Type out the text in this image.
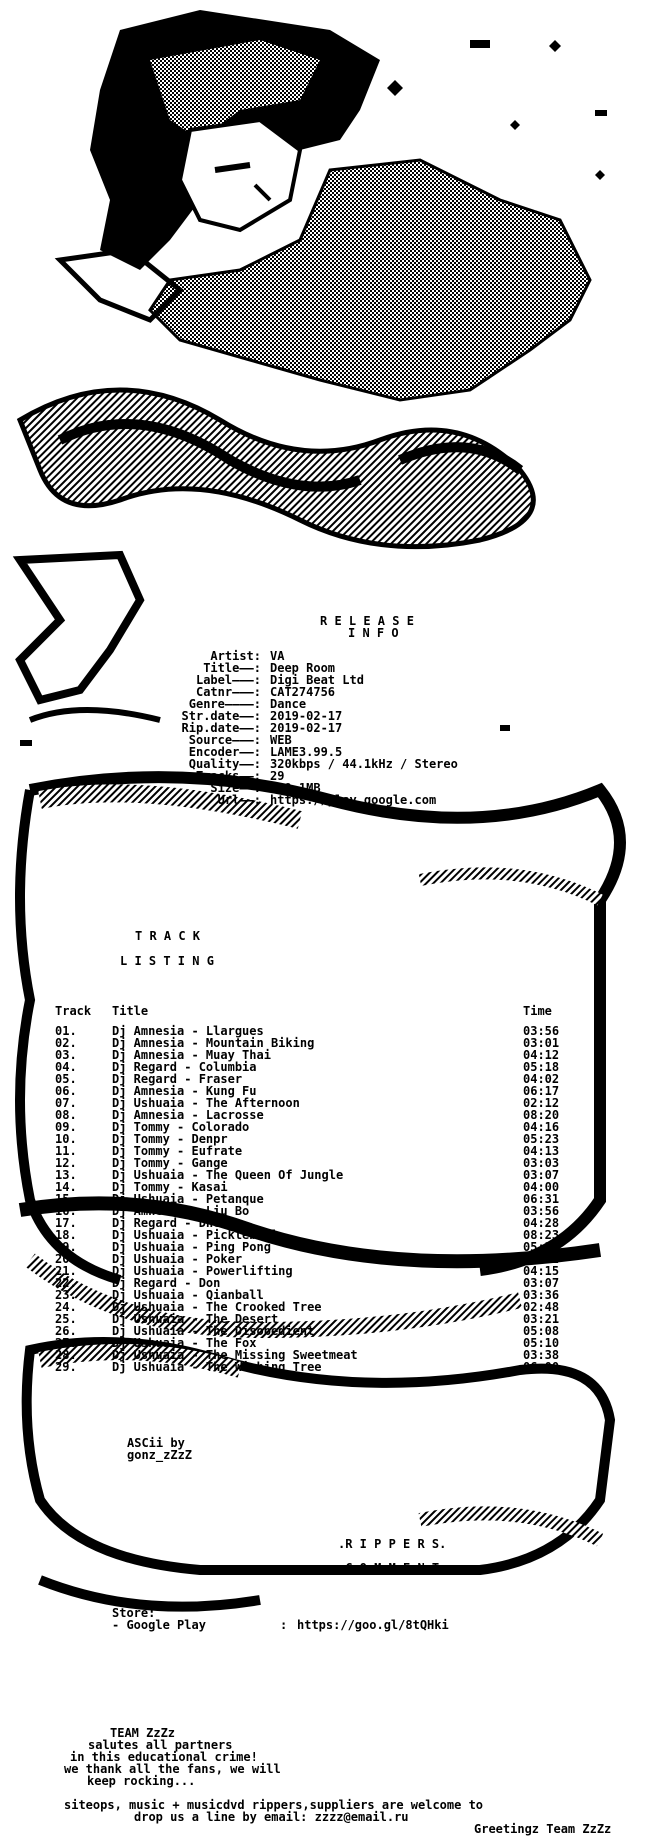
R E L E A S E
I N F O
Artist: VA
Title——: Deep Room
Label———: Digi Beat Ltd
Catnr———: CAT274756
Genre————: Dance
Str.date——: 2019-02-17
Rip.date——: 2019-02-17
Source———: WEB
Encoder——: LAME3.99.5
Quality——: 320kbps / 44.1kHz / Stereo
Tracks——: 29
Size——: 299.1MB
Url——: https://play.google.com
T R A C K
L I S T I N G
Track Title	Time
01.	Dj Amnesia - Llargues	03:56
02.	Dj Amnesia - Mountain Biking	03:01
03.	Dj Amnesia - Muay Thai	04:12
04.	Dj Regard - Columbia	05:18
05.	Dj Regard - Fraser	04:02
06.	Dj Amnesia - Kung Fu	06:17
07.	Dj Ushuaia - The Afternoon	02:12
08.	Dj Amnesia - Lacrosse	08:20
09.	Dj Tommy - Colorado	04:16
10.	Dj Tommy - Denpr	05:23
11.	Dj Tommy - Eufrate	04:13
12.	Dj Tommy - Gange	03:03
13.	Dj Ushuaia - The Queen Of Jungle	03:07
14.	Dj Tommy - Kasai	04:00
15.	Dj Ushuaia - Petanque	06:31
16.	Dj Amnesia - Liu Bo	03:56
17.	Dj Regard - Dnestr	04:28
18.	Dj Ushuaia - Pickleball	08:23
19.	Dj Ushuaia - Ping Pong	05:23
20.	Dj Ushuaia - Poker	03:22
21.	Dj Ushuaia - Powerlifting	04:15
22.	Dj Regard - Don	03:07
23.	Dj Ushuaia - Qianball	03:36
24.	Dj Ushuaia - The Crooked Tree	02:48
25.	Dj Ushuaia - The Desert	03:21
26.	Dj Ushuaia - The Disobedient	05:08
27.	Dj Ushuaia - The Fox	05:10
28.	Dj Ushuaia - The Missing Sweetmeat	03:38
29.	Dj Ushuaia - The Wishing Tree	06:00
ASCii by
gonz_zZzZ
.R I P P E R S.
.C O M M E N T.
Store:
- Google Play	: https://goo.gl/8tQHki
TEAM ZzZz
salutes all partners
in this educational crime!
we thank all the fans, we will
keep rocking...
siteops, music + musicdvd rippers,suppliers are welcome to
drop us a line by email: zzzz@email.ru
Greetingz Team ZzZz
